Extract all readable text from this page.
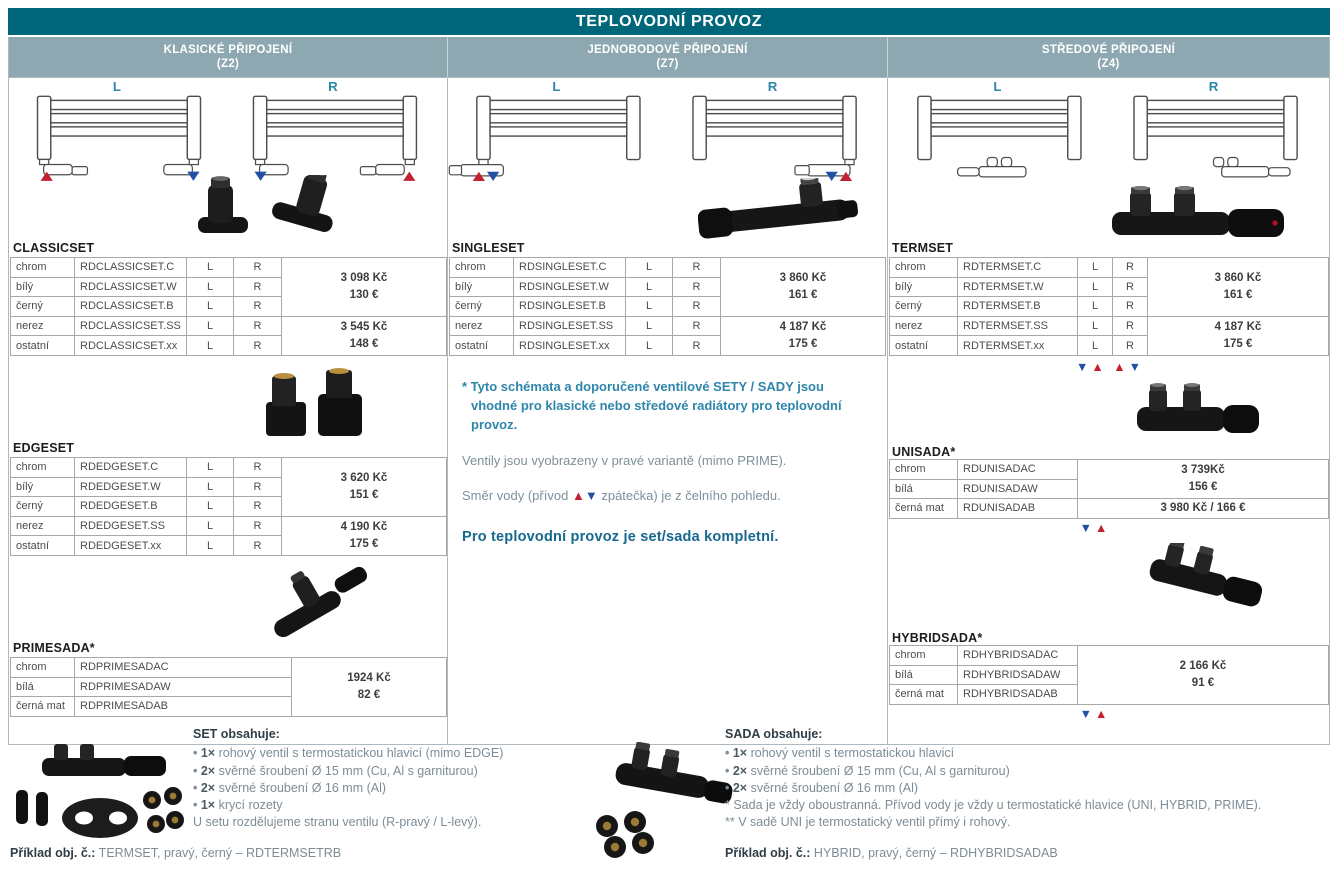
TEPLOVODNÍ PROVOZ
KLASICKÉ PŘIPOJENÍ
(Z2)
L	R
CLASSICSET
chrom	RDCLASSICSET.C	L	R	3 098 Kč
130 €

bílý	RDCLASSICSET.W	L	R	
černý	RDCLASSICSET.B	L	R	
nerez	RDCLASSICSET.SS	L	R	3 545 Kč
148 €

ostatní	RDCLASSICSET.xx	L	R	
EDGESET
chrom	RDEDGESET.C	L	R	3 620 Kč
151 €

bílý	RDEDGESET.W	L	R	
černý	RDEDGESET.B	L	R	
nerez	RDEDGESET.SS	L	R	4 190 Kč
175 €

ostatní	RDEDGESET.xx	L	R	
PRIMESADA*
chrom	RDPRIMESADAC	1924 Kč
82 €

bílá	RDPRIMESADAW	
černá mat	RDPRIMESADAB	
JEDNOBODOVÉ PŘIPOJENÍ
(Z7)
L	R
SINGLESET
chrom	RDSINGLESET.C	L	R	3 860 Kč
161 €

bílý	RDSINGLESET.W	L	R	
černý	RDSINGLESET.B	L	R	
nerez	RDSINGLESET.SS	L	R	4 187 Kč
175 €

ostatní	RDSINGLESET.xx	L	R	

* Tyto schémata a doporučené ventilové SETY / SADY jsou vhodné pro klasické nebo středové radiátory pro teplovodní provoz.

Ventily jsou vyobrazeny v pravé variantě (mimo PRIME).

Směr vody (přívod ▲▼ zpátečka) je z čelního pohledu.

Pro teplovodní provoz je set/sada kompletní.

STŘEDOVÉ PŘIPOJENÍ
(Z4)
L	R
TERMSET
chrom	RDTERMSET.C	L	R	3 860 Kč
161 €

bílý	RDTERMSET.W	L	R	
černý	RDTERMSET.B	L	R	
nerez	RDTERMSET.SS	L	R	4 187 Kč
175 €

ostatní	RDTERMSET.xx	L	R	
▼▲ ▲▼
UNISADA*
chrom	RDUNISADAC	3 739Kč
156 €

bílá	RDUNISADAW	
černá mat	RDUNISADAB	3 980 Kč / 166 €
▼▲
HYBRIDSADA*
chrom	RDHYBRIDSADAC	2 166 Kč
91 €

bílá	RDHYBRIDSADAW	
černá mat	RDHYBRIDSADAB	
▼▲
SET obsahuje:
• 1× rohový ventil s termostatickou hlavicí (mimo EDGE)
• 2× svěrné šroubení Ø 15 mm (Cu, Al s garniturou)
• 2× svěrné šroubení Ø 16 mm (Al)
• 1× krycí rozety
U setu rozdělujeme stranu ventilu (R-pravý / L-levý).
Příklad obj. č.: TERMSET, pravý, černý – RDTERMSETRB
SADA obsahuje:
• 1× rohový ventil s termostatickou hlavicí
• 2× svěrné šroubení Ø 15 mm (Cu, Al s garniturou)
• 2× svěrné šroubení Ø 16 mm (Al)
* Sada je vždy oboustranná. Přívod vody je vždy u termostatické hlavice (UNI, HYBRID, PRIME).
** V sadě UNI je termostatický ventil přímý i rohový.
Příklad obj. č.: HYBRID, pravý, černý – RDHYBRIDSADAB
